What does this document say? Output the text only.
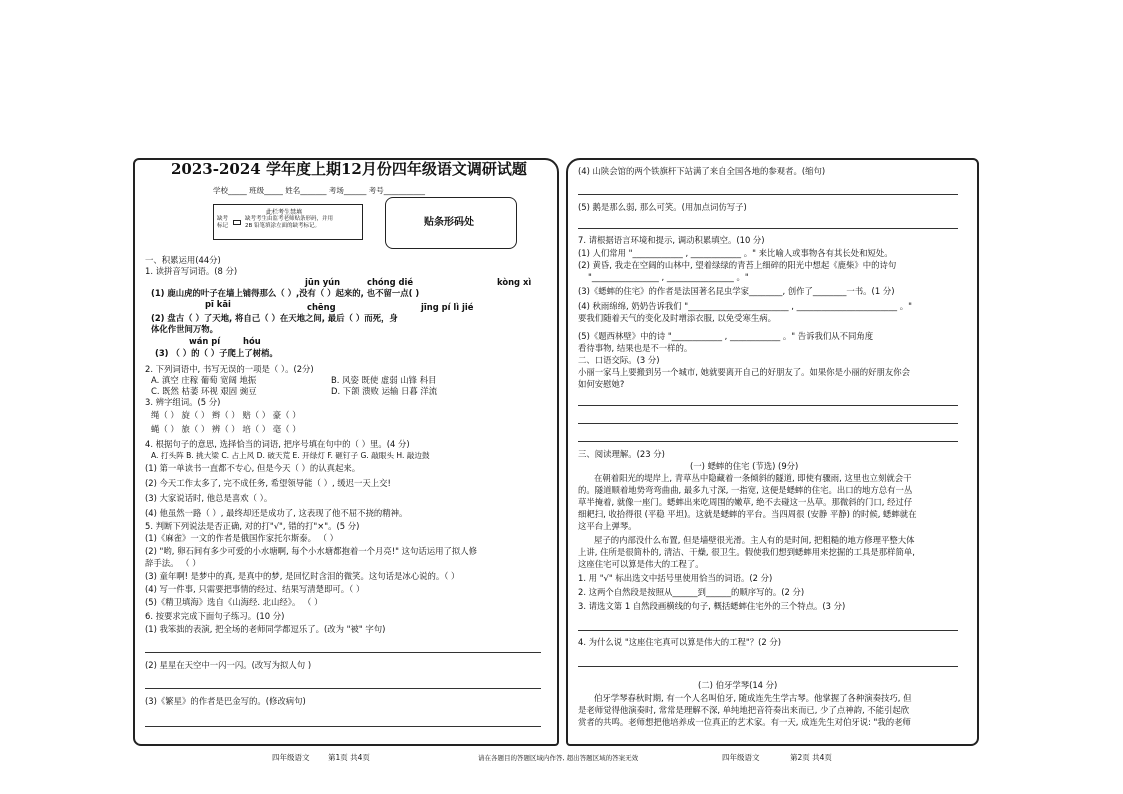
2023-2024 学年度上期12月份四年级语文调研试题
学校_____ 班级_____ 姓名_______ 考场______ 考号___________
此栏考生禁填
缺考
标记
缺考考生由监考老师贴条形码，并用
2B 铅笔填涂左面的缺考标记。	贴条形码处
一、积累运用(44分)
1. 读拼音写词语。(8 分)
jūn yún	chóng dié	kòng xì
(1) 鹿山虎的叶子在墙上铺得那么（ ）,没有（ ）起来的, 也不留一点( )
pī kāi	chēng	jīng pí lì jié
(2) 盘古（ ）了天地, 将自己（ ）在天地之间, 最后（ ）而死，身
体化作世间万物。
wán pí	hóu
(3) （ ）的（ ）子爬上了树梢。
2. 下列词语中, 书写无误的一项是（ ）。(2分)
A. 滇空 庄稼 葡萄 宽阔 地振	B. 风姿 既使 虚弱 山锋 科目
C. 既然 枯萎 环视 艰固 豌豆	D. 下颌 溃败 运输 日暮 洋流
3. 辨字组词。(5 分)
绳（ ） 旋（ ） 辫（ ） 赔（ ） 豪（ ）
蝇（ ） 旅（ ） 辨（ ） 培（ ） 毫（ ）
4. 根据句子的意思, 选择恰当的词语, 把序号填在句中的（ ）里。(4 分)
A. 打头阵 B. 挑大梁 C. 占上风 D. 破天荒 E. 开绿灯 F. 砸钉子 G. 敲眼头 H. 敲边鼓
(1) 第一单读书一直都不专心, 但是今天（ ）的认真起来。
(2) 今天工作太多了, 完不成任务, 希望领导能（ ）, 缓迟一天上交!
(3) 大家说话时, 他总是喜欢（ ）。
(4) 他虽然一路（ ）, 最终却还是成功了, 这表现了他不屈不挠的精神。
5. 判断下列说法是否正确, 对的打"√", 错的打"×"。(5 分)
(1)《麻雀》一文的作者是俄国作家托尔斯泰。 （ ）
(2) "哟, 卵石间有多少可爱的小水塘啊, 每个小水塘都抱着一个月亮!" 这句话运用了拟人修
辞手法。 （ ）
(3) 童年啊! 是梦中的真, 是真中的梦, 是回忆时含泪的微笑。这句话是冰心说的。（ ）
(4) 写一件事, 只需要把事情的经过、结果写清楚即可。（ ）
(5)《精卫填海》选自《山海经. 北山经》。 （ ）
6. 按要求完成下面句子练习。(10 分)
(1) 我笨拙的表演, 把全场的老师同学都逗乐了。(改为 "被" 字句)
(2) 星星在天空中一闪一闪。(改写为拟人句 )
(3)《繁星》的作者是巴金写的。(修改病句)
(4) 山陕会馆的两个铁旗杆下站满了来自全国各地的参观者。(缩句)
(5) 鹅是那么弱, 那么可笑。(用加点词仿写子)
7. 请根据语言环境和提示, 调动积累填空。(10 分)
(1) 人们常用 "____________ , ____________ 。" 来比喻人或事物各有其长处和短处。
(2) 黄昏, 我走在空阔的山林中, 望着绿绿的青苔上细碎的阳光中想起《鹿柴》中的诗句
"________________ , ________________ 。"
(3)《蟋蟀的住宅》的作者是法国著名昆虫学家________, 创作了________一书。(1 分)
(4) 秋雨绵绵, 奶奶告诉我们 "________________________ , ________________________ 。"
要我们随着天气的变化及时增添衣服, 以免受寒生病。
(5)《题西林壁》中的诗 "____________ , ____________ 。" 告诉我们从不同角度
看待事物, 结果也是不一样的。
二、口语交际。(3 分)
小丽一家马上要搬到另一个城市, 她就要离开自己的好朋友了。如果你是小丽的好朋友你会
如何安慰她?
三、阅读理解。(23 分)
(一) 蟋蟀的住宅 (节选) (9分)
在朝着阳光的堤岸上, 青草丛中隐藏着一条倾斜的隧道, 即使有骤雨, 这里也立刻就会干
的。隧道顺着地势弯弯曲曲, 最多九寸深, 一指宽, 这便是蟋蟀的住宅。出口的地方总有一丛
草半掩着, 就像一座门。蟋蟀出来吃周围的嫩草, 绝不去碰这一丛草。那微斜的门口, 经过仔
细耙扫, 收拾得很 (平稳 平坦)。这就是蟋蟀的平台。当四周很 (安静 平静) 的时候, 蟋蟀就在
这平台上弹琴。
屋子的内部没什么布置, 但是墙壁很光滑。主人有的是时间, 把粗糙的地方修理平整大体
上讲, 住所是很简朴的, 清洁、干燥, 很卫生。假使我们想到蟋蟀用来挖掘的工具是那样简单,
这座住宅可以算是伟大的工程了。
1. 用 "√" 标出选文中括号里使用恰当的词语。(2 分)
2. 这两个自然段是按照从______到______的顺序写的。(2 分)
3. 请选文第 1 自然段画横线的句子, 概括蟋蟀住宅外的三个特点。(3 分)
4. 为什么说 "这座住宅真可以算是伟大的工程"？(2 分)
(二) 伯牙学琴(14 分)
伯牙学琴春秋时期, 有一个人名叫伯牙, 随成连先生学古琴。他掌握了各种演奏技巧, 但
是老师觉得他演奏时, 常常是理解不深, 单纯地把音符奏出来而已, 少了点神韵, 不能引起欣
赏者的共鸣。老师想把他培养成一位真正的艺术家。有一天, 成连先生对伯牙说: "我的老师
四年级语文 第1页 共4页	请在各题目的答题区域内作答, 超出答题区域的答案无效	四年级语文	第2页 共4页
